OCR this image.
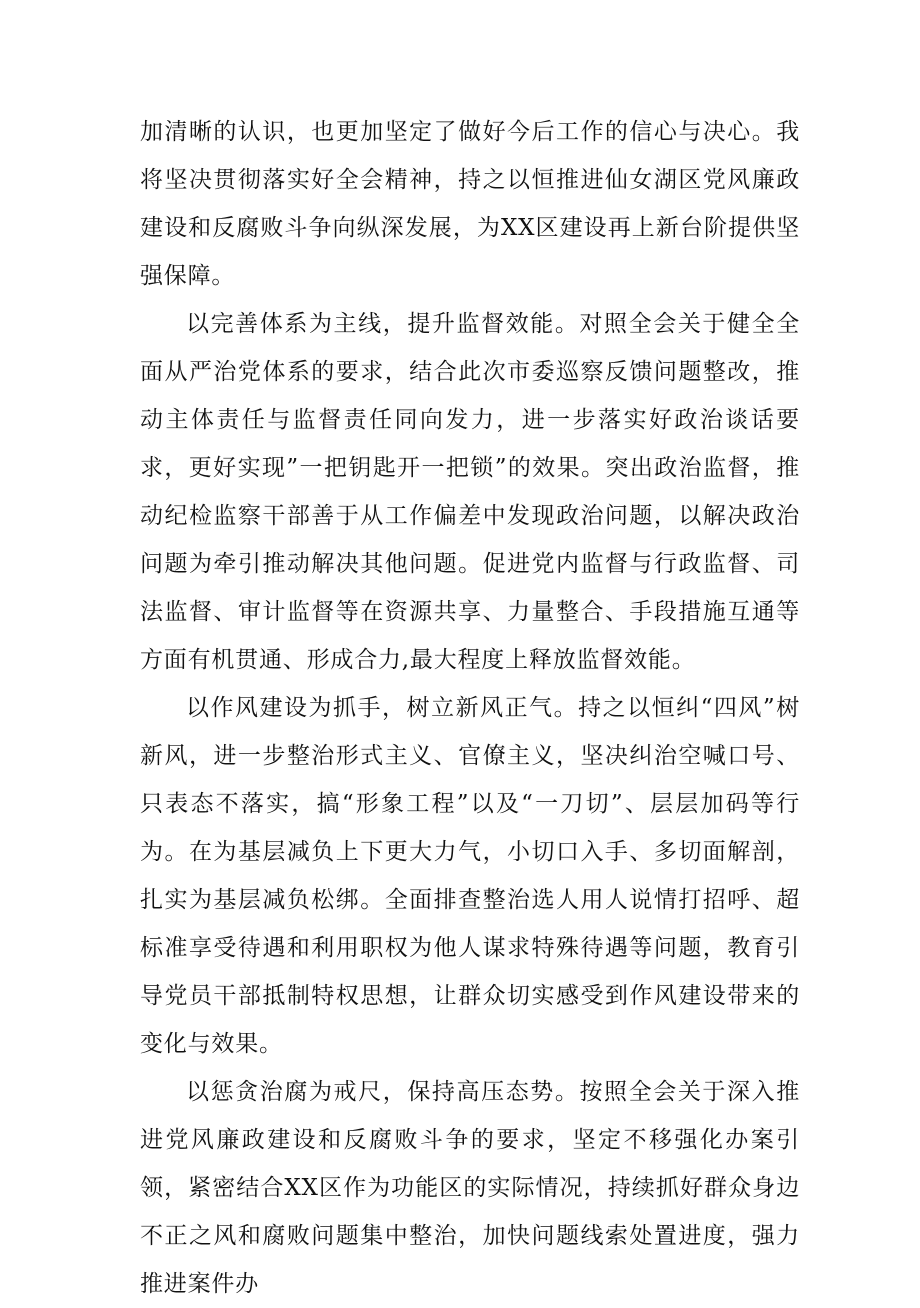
加清晰的认识，也更加坚定了做好今后工作的信心与决心。我将坚决贯彻落实好全会精神，持之以恒推进仙女湖区党风廉政建设和反腐败斗争向纵深发展，为XX区建设再上新台阶提供坚强保障。

以完善体系为主线，提升监督效能。对照全会关于健全全面从严治党体系的要求，结合此次市委巡察反馈问题整改，推动主体责任与监督责任同向发力，进一步落实好政治谈话要求，更好实现”一把钥匙开一把锁”的效果。突出政治监督，推动纪检监察干部善于从工作偏差中发现政治问题，以解决政治问题为牵引推动解决其他问题。促进党内监督与行政监督、司法监督、审计监督等在资源共享、力量整合、手段措施互通等方面有机贯通、形成合力,最大程度上释放监督效能。

以作风建设为抓手，树立新风正气。持之以恒纠“四风”树新风，进一步整治形式主义、官僚主义，坚决纠治空喊口号、只表态不落实，搞“形象工程”以及“一刀切”、层层加码等行为。在为基层减负上下更大力气，小切口入手、多切面解剖，扎实为基层减负松绑。全面排查整治选人用人说情打招呼、超标准享受待遇和利用职权为他人谋求特殊待遇等问题，教育引导党员干部抵制特权思想，让群众切实感受到作风建设带来的变化与效果。

以惩贪治腐为戒尺，保持高压态势。按照全会关于深入推进党风廉政建设和反腐败斗争的要求，坚定不移强化办案引领，紧密结合XX区作为功能区的实际情况，持续抓好群众身边不正之风和腐败问题集中整治，加快问题线索处置进度，强力推进案件办
